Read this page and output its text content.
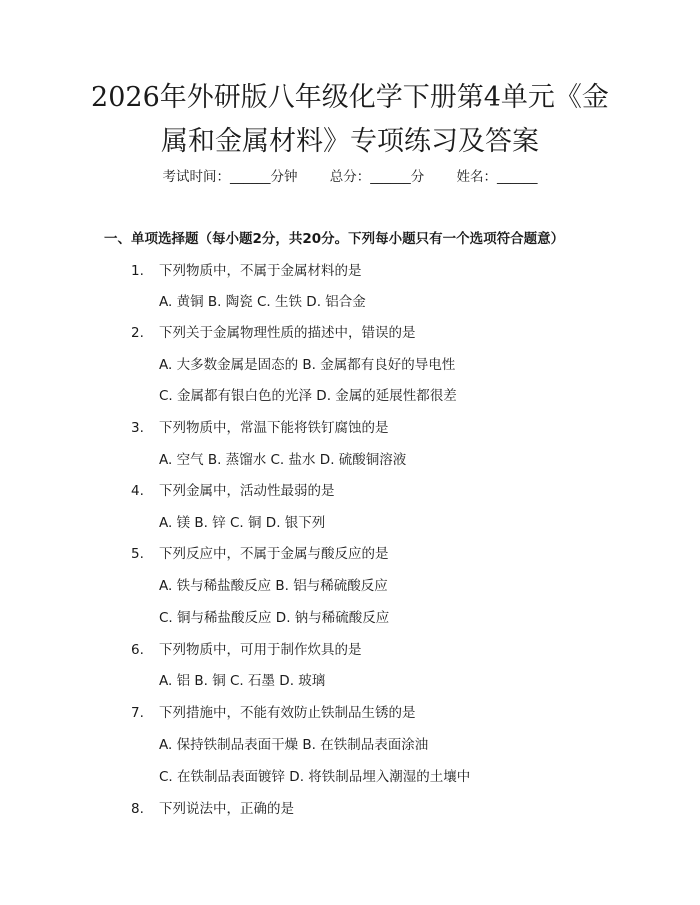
2026年外研版八年级化学下册第4单元《金
属和金属材料》专项练习及答案
考试时间：______分钟 总分：______分 姓名：______
一、单项选择题（每小题2分，共20分。下列每小题只有一个选项符合题意）
1. 下列物质中，不属于金属材料的是
A. 黄铜 B. 陶瓷 C. 生铁 D. 铝合金
2. 下列关于金属物理性质的描述中，错误的是
A. 大多数金属是固态的 B. 金属都有良好的导电性
C. 金属都有银白色的光泽 D. 金属的延展性都很差
3. 下列物质中，常温下能将铁钉腐蚀的是
A. 空气 B. 蒸馏水 C. 盐水 D. 硫酸铜溶液
4. 下列金属中，活动性最弱的是
A. 镁 B. 锌 C. 铜 D. 银下列
5. 下列反应中，不属于金属与酸反应的是
A. 铁与稀盐酸反应 B. 铝与稀硫酸反应
C. 铜与稀盐酸反应 D. 钠与稀硫酸反应
6. 下列物质中，可用于制作炊具的是
A. 铝 B. 铜 C. 石墨 D. 玻璃
7. 下列措施中，不能有效防止铁制品生锈的是
A. 保持铁制品表面干燥 B. 在铁制品表面涂油
C. 在铁制品表面镀锌 D. 将铁制品埋入潮湿的土壤中
8. 下列说法中，正确的是
